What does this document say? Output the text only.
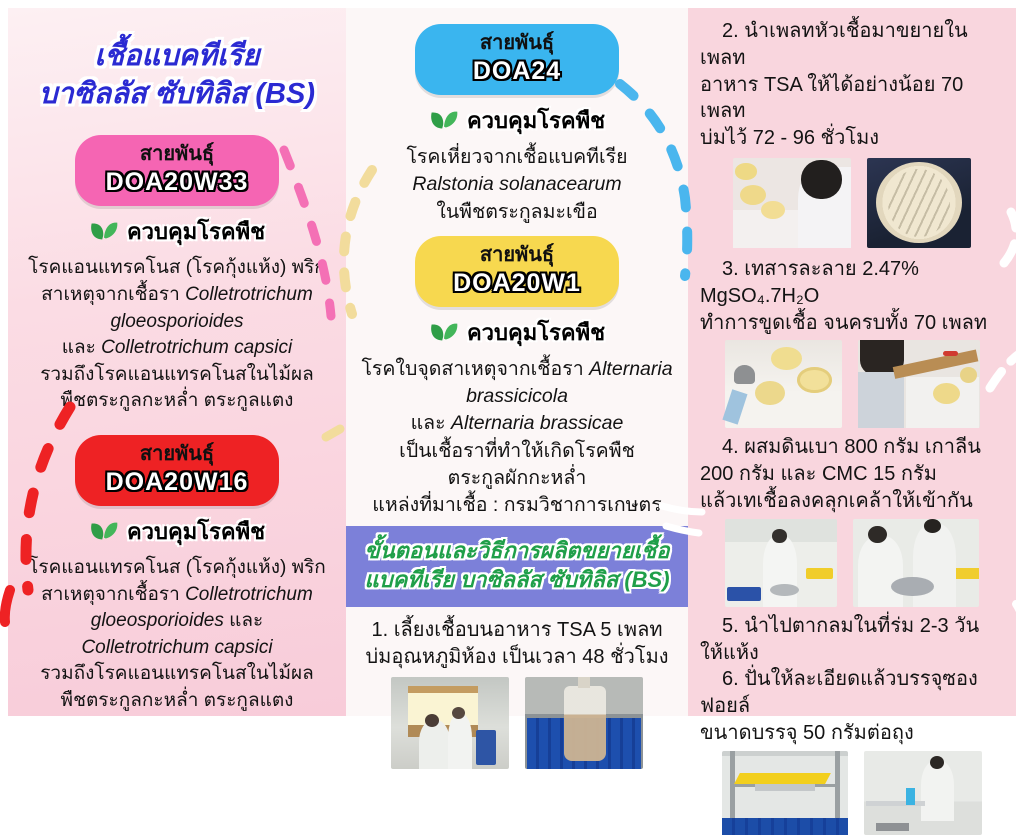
เชื้อแบคทีเรีย
บาซิลลัส ซับทิลิส (BS)
สายพันธุ์
DOA20W33
ควบคุมโรคพืช
โรคแอนแทรคโนส (โรคกุ้งแห้ง) พริก
สาเหตุจากเชื้อรา Colletrotrichum
gloeosporioides
และ Colletrotrichum capsici
รวมถึงโรคแอนแทรคโนสในไม้ผล
พืชตระกูลกะหล่ำ ตระกูลแตง
สายพันธุ์
DOA20W16
ควบคุมโรคพืช
โรคแอนแทรคโนส (โรคกุ้งแห้ง) พริก
สาเหตุจากเชื้อรา Colletrotrichum
gloeosporioides และ
Colletrotrichum capsici
รวมถึงโรคแอนแทรคโนสในไม้ผล
พืชตระกูลกะหล่ำ ตระกูลแตง
สายพันธุ์
DOA24
ควบคุมโรคพืช
โรคเหี่ยวจากเชื้อแบคทีเรีย
Ralstonia solanacearum
ในพืชตระกูลมะเขือ
สายพันธุ์
DOA20W1
ควบคุมโรคพืช
โรคใบจุดสาเหตุจากเชื้อรา Alternaria
brassicicola
และ Alternaria brassicae
เป็นเชื้อราที่ทำให้เกิดโรคพืช
ตระกูลผักกะหล่ำ
แหล่งที่มาเชื้อ : กรมวิชาการเกษตร
ขั้นตอนและวิธีการผลิตขยายเชื้อ
แบคทีเรีย บาซิลลัส ซับทิลิส (BS)
1. เลี้ยงเชื้อบนอาหาร TSA 5 เพลท
บ่มอุณหภูมิห้อง เป็นเวลา 48 ชั่วโมง
2. นำเพลทหัวเชื้อมาขยายในเพลท
อาหาร TSA ให้ได้อย่างน้อย 70 เพลท
บ่มไว้ 72 - 96 ชั่วโมง
3. เทสารละลาย 2.47% MgSO₄.7H₂O
ทำการขูดเชื้อ จนครบทั้ง 70 เพลท
4. ผสมดินเบา 800 กรัม เกาลีน
200 กรัม และ CMC 15 กรัม
แล้วเทเชื้อลงคลุกเคล้าให้เข้ากัน
5. นำไปตากลมในที่ร่ม 2-3 วัน ให้แห้ง
6. ปั่นให้ละเอียดแล้วบรรจุซองฟอยล์
ขนาดบรรจุ 50 กรัมต่อถุง
